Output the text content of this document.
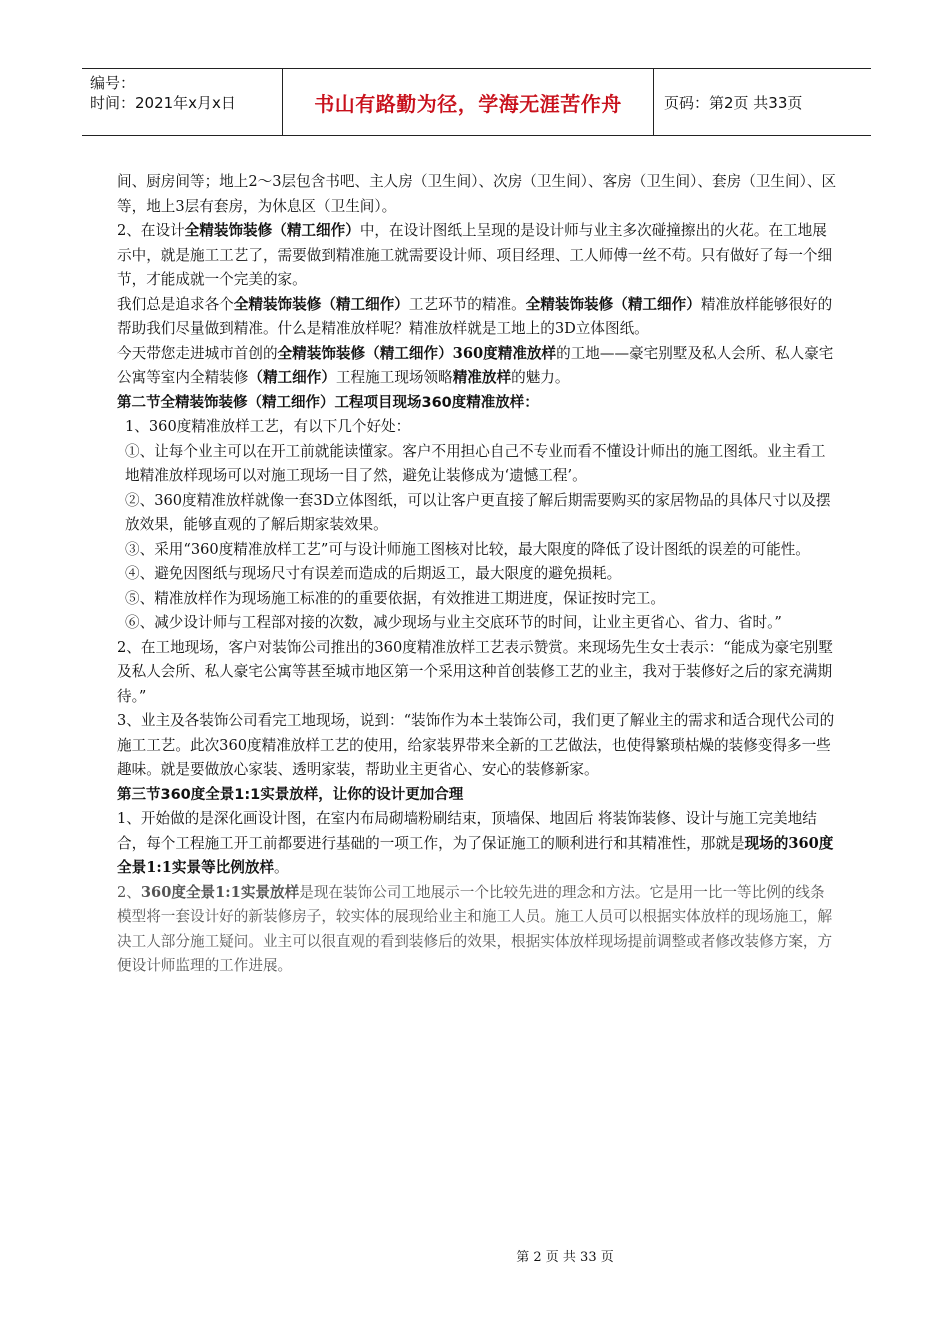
编号：
时间：2021年x月x日	书山有路勤为径，学海无涯苦作舟	页码：第2页 共33页

间、厨房间等；地上2～3层包含书吧、主人房（卫生间）、次房（卫生间）、客房（卫生间）、套房（卫生间）、区等，地上3层有套房，为休息区（卫生间）。

2、在设计全精装饰装修（精工细作）中，在设计图纸上呈现的是设计师与业主多次碰撞擦出的火花。在工地展示中，就是施工工艺了，需要做到精准施工就需要设计师、项目经理、工人师傅一丝不苟。只有做好了每一个细节，才能成就一个完美的家。

我们总是追求各个全精装饰装修（精工细作）工艺环节的精准。全精装饰装修（精工细作）精准放样能够很好的帮助我们尽量做到精准。什么是精准放样呢？精准放样就是工地上的3D立体图纸。

今天带您走进城市首创的全精装饰装修（精工细作）360度精准放样的工地——豪宅别墅及私人会所、私人豪宅公寓等室内全精装修（精工细作）工程施工现场领略精准放样的魅力。

第二节全精装饰装修（精工细作）工程项目现场360度精准放样：

1、360度精准放样工艺，有以下几个好处：

①、让每个业主可以在开工前就能读懂家。客户不用担心自己不专业而看不懂设计师出的施工图纸。业主看工地精准放样现场可以对施工现场一目了然，避免让装修成为‘遗憾工程’。

②、360度精准放样就像一套3D立体图纸，可以让客户更直接了解后期需要购买的家居物品的具体尺寸以及摆放效果，能够直观的了解后期家装效果。

③、采用“360度精准放样工艺”可与设计师施工图核对比较，最大限度的降低了设计图纸的误差的可能性。

④、避免因图纸与现场尺寸有误差而造成的后期返工，最大限度的避免损耗。

⑤、精准放样作为现场施工标准的的重要依据，有效推进工期进度，保证按时完工。

⑥、减少设计师与工程部对接的次数，减少现场与业主交底环节的时间，让业主更省心、省力、省时。”

2、在工地现场，客户对装饰公司推出的360度精准放样工艺表示赞赏。来现场先生女士表示：“能成为豪宅别墅及私人会所、私人豪宅公寓等甚至城市地区第一个采用这种首创装修工艺的业主，我对于装修好之后的家充满期待。”

3、业主及各装饰公司看完工地现场，说到：“装饰作为本土装饰公司，我们更了解业主的需求和适合现代公司的施工工艺。此次360度精准放样工艺的使用，给家装界带来全新的工艺做法，也使得繁琐枯燥的装修变得多一些趣味。就是要做放心家装、透明家装，帮助业主更省心、安心的装修新家。

第三节360度全景1:1实景放样，让你的设计更加合理

1、开始做的是深化画设计图，在室内布局砌墙粉刷结束，顶墙保、地固后 将装饰装修、设计与施工完美地结合，每个工程施工开工前都要进行基础的一项工作，为了保证施工的顺利进行和其精准性，那就是现场的360度全景1:1实景等比例放样。

2、360度全景1:1实景放样是现在装饰公司工地展示一个比较先进的理念和方法。它是用一比一等比例的线条模型将一套设计好的新装修房子，较实体的展现给业主和施工人员。施工人员可以根据实体放样的现场施工，解决工人部分施工疑问。业主可以很直观的看到装修后的效果，根据实体放样现场提前调整或者修改装修方案，方便设计师监理的工作进展。

第 2 页 共 33 页
